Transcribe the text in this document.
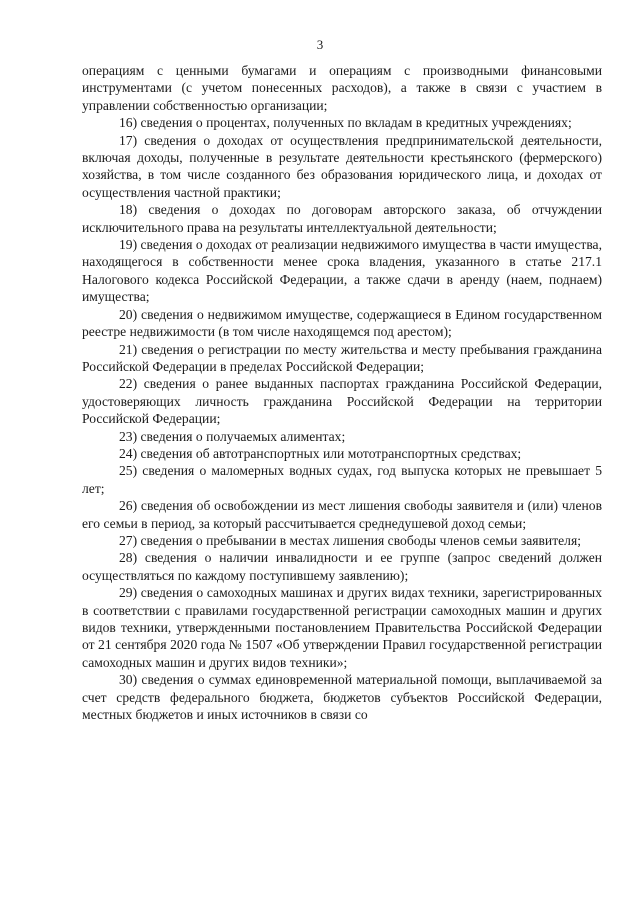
3

операциям с ценными бумагами и операциям с производными финансовыми инструментами (с учетом понесенных расходов), а также в связи с участием в управлении собственностью организации;

16) сведения о процентах, полученных по вкладам в кредитных учреждениях;

17) сведения о доходах от осуществления предпринимательской деятельности, включая доходы, полученные в результате деятельности крестьянского (фермерского) хозяйства, в том числе созданного без образования юридического лица, и доходах от осуществления частной практики;

18) сведения о доходах по договорам авторского заказа, об отчуждении исключительного права на результаты интеллектуальной деятельности;

19) сведения о доходах от реализации недвижимого имущества в части имущества, находящегося в собственности менее срока владения, указанного в статье 217.1 Налогового кодекса Российской Федерации, а также сдачи в аренду (наем, поднаем) имущества;

20) сведения о недвижимом имуществе, содержащиеся в Едином государственном реестре недвижимости (в том числе находящемся под арестом);

21) сведения о регистрации по месту жительства и месту пребывания гражданина Российской Федерации в пределах Российской Федерации;

22) сведения о ранее выданных паспортах гражданина Российской Федерации, удостоверяющих личность гражданина Российской Федерации на территории Российской Федерации;

23) сведения о получаемых алиментах;

24) сведения об автотранспортных или мототранспортных средствах;

25) сведения о маломерных водных судах, год выпуска которых не превышает 5 лет;

26) сведения об освобождении из мест лишения свободы заявителя и (или) членов его семьи в период, за который рассчитывается среднедушевой доход семьи;

27) сведения о пребывании в местах лишения свободы членов семьи заявителя;

28) сведения о наличии инвалидности и ее группе (запрос сведений должен осуществляться по каждому поступившему заявлению);

29) сведения о самоходных машинах и других видах техники, зарегистрированных в соответствии с правилами государственной регистрации самоходных машин и других видов техники, утвержденными постановлением Правительства Российской Федерации от 21 сентября 2020 года № 1507 «Об утверждении Правил государственной регистрации самоходных машин и других видов техники»;

30) сведения о суммах единовременной материальной помощи, выплачиваемой за счет средств федерального бюджета, бюджетов субъектов Российской Федерации, местных бюджетов и иных источников в связи со
